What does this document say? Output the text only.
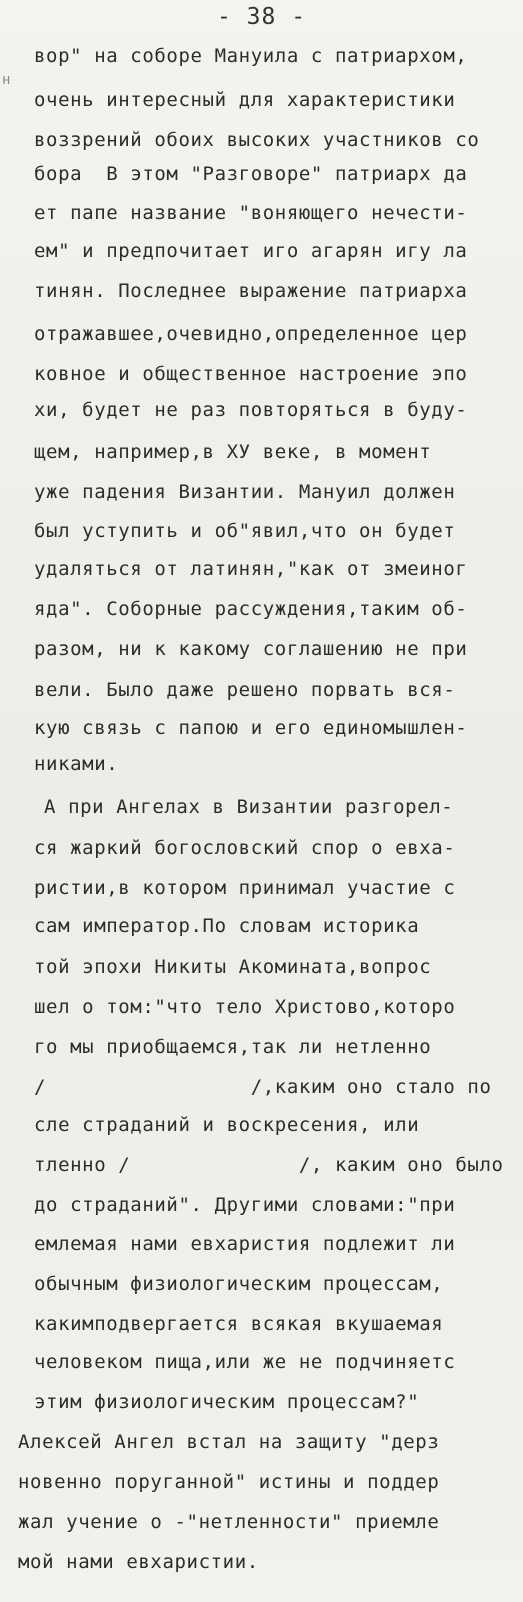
- 38 -
н
вор" на соборе Мануила с патриархом,
очень интересный для характеристики
воззрений обоих высоких участников со
бора  В этом "Разговоре" патриарх да
ет папе название "воняющего нечести-
ем" и предпочитает иго агарян игу ла
тинян. Последнее выражение патриарха
отражавшее,очевидно,определенное цер
ковное и общественное настроение эпо
хи, будет не раз повторяться в буду-
щем, например,в ХУ веке, в момент
уже падения Византии. Мануил должен
был уступить и об"явил,что он будет
удаляться от латинян,"как от змеиног
яда". Соборные рассуждения,таким об-
разом, ни к какому соглашению не при
вели. Было даже решено порвать вся-
кую связь с папою и его единомышлен-
никами.
А при Ангелах в Византии разгорел-
ся жаркий богословский спор о евха-
ристии,в котором принимал участие с
сам император.По словам историка
той эпохи Никиты Акомината,вопрос
шел о том:"что тело Христово,которо
го мы приобщаемся,так ли нетленно
/                 /,каким оно стало по
сле страданий и воскресения, или
тленно /              /, каким оно было
до страданий". Другими словами:"при
емлемая нами евхаристия подлежит ли
обычным физиологическим процессам,
какимподвергается всякая вкушаемая
человеком пища,или же не подчиняетс
этим физиологическим процессам?"
Алексей Ангел встал на защиту "дерз
новенно поруганной" истины и поддер
жал учение о -"нетленности" приемле
мой нами евхаристии.
